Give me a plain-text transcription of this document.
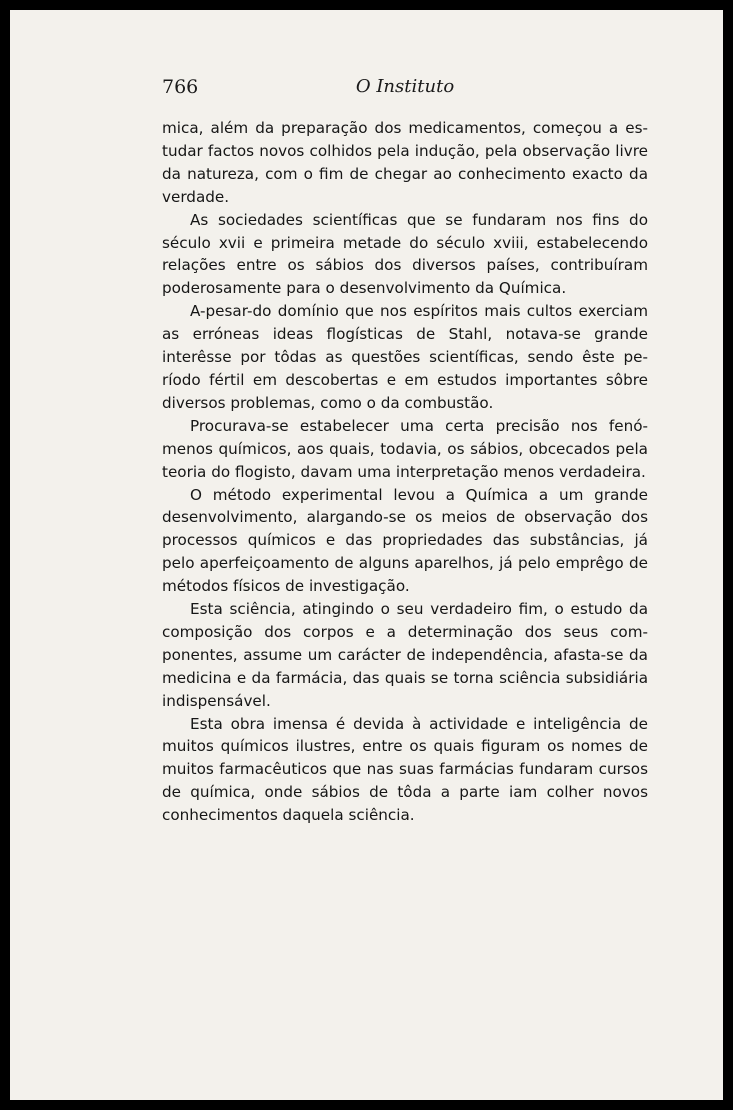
766	O Instituto

mica, além da preparação dos medicamentos, começou a estudar factos novos colhidos pela indução, pela observação livre da natureza, com o fim de chegar ao conhecimento exacto da verdade.

As sociedades scientíficas que se fundaram nos fins do século xvii e primeira metade do século xviii, estabelecendo relações entre os sábios dos diversos países, contribuíram poderosamente para o desenvolvimento da Química.

A-pesar-do domínio que nos espíritos mais cultos exerciam as erróneas ideas flogísticas de Stahl, notava-se grande interêsse por tôdas as questões scientíficas, sendo êste período fértil em descobertas e em estudos importantes sôbre diversos problemas, como o da combustão.

Procurava-se estabelecer uma certa precisão nos fenómenos químicos, aos quais, todavia, os sábios, obcecados pela teoria do flogisto, davam uma interpretação menos verdadeira.

O método experimental levou a Química a um grande desenvolvimento, alargando-se os meios de observação dos processos químicos e das propriedades das substâncias, já pelo aperfeiçoamento de alguns aparelhos, já pelo emprêgo de métodos físicos de investigação.

Esta sciência, atingindo o seu verdadeiro fim, o estudo da composição dos corpos e a determinação dos seus componentes, assume um carácter de independência, afasta-se da medicina e da farmácia, das quais se torna sciência subsidiária indispensável.

Esta obra imensa é devida à actividade e inteligência de muitos químicos ilustres, entre os quais figuram os nomes de muitos farmacêuticos que nas suas farmácias fundaram cursos de química, onde sábios de tôda a parte iam colher novos conhecimentos daquela sciência.
